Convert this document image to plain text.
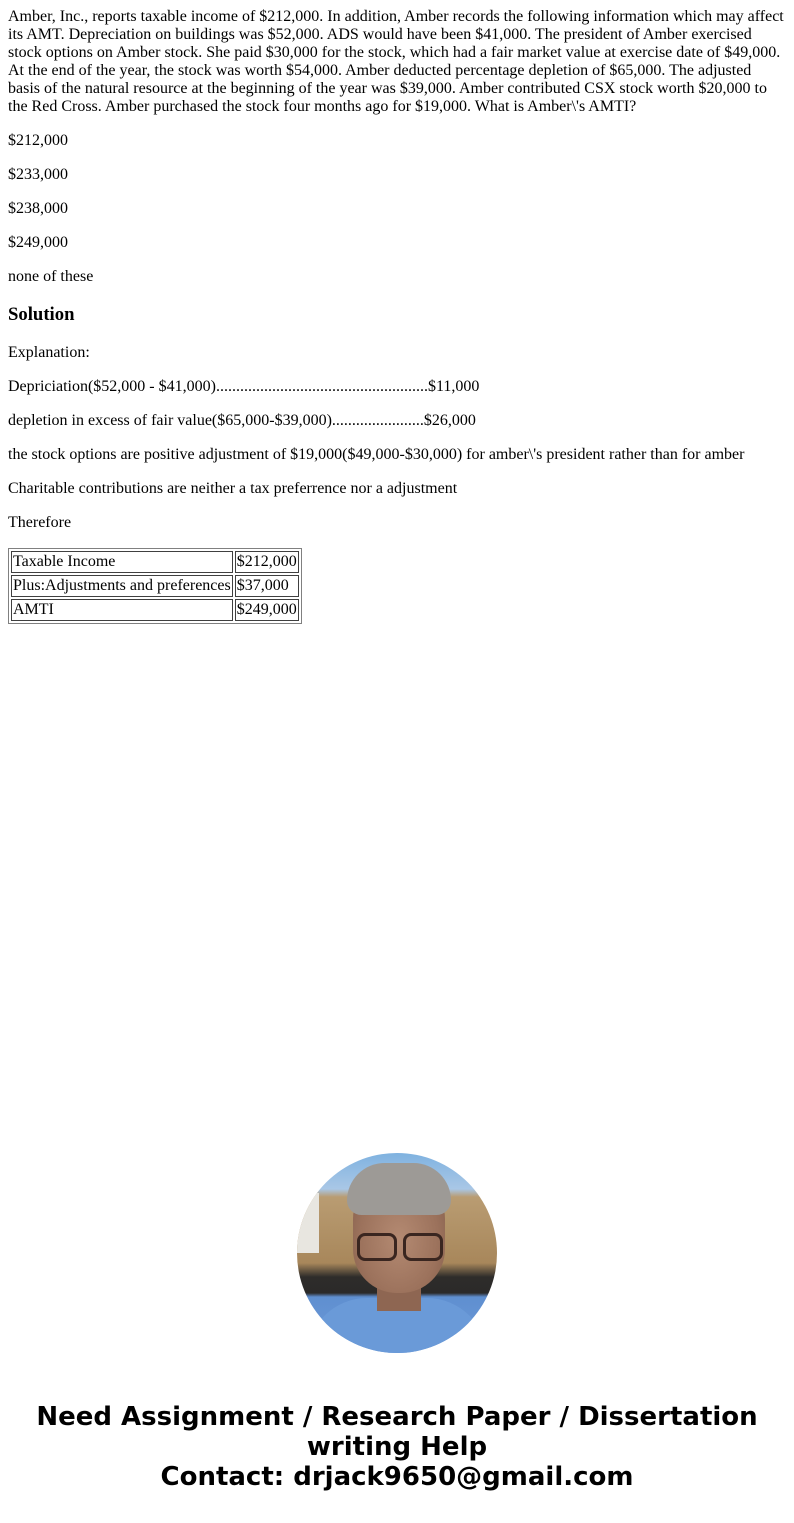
Amber, Inc., reports taxable income of $212,000. In addition, Amber records the following information which may affect its AMT. Depreciation on buildings was $52,000. ADS would have been $41,000. The president of Amber exercised stock options on Amber stock. She paid $30,000 for the stock, which had a fair market value at exercise date of $49,000. At the end of the year, the stock was worth $54,000. Amber deducted percentage depletion of $65,000. The adjusted basis of the natural resource at the beginning of the year was $39,000. Amber contributed CSX stock worth $20,000 to the Red Cross. Amber purchased the stock four months ago for $19,000. What is Amber\'s AMTI?

$212,000

$233,000

$238,000

$249,000

none of these

Solution

Explanation:

Depriciation($52,000 - $41,000).....................................................$11,000

depletion in excess of fair value($65,000-$39,000).......................$26,000

the stock options are positive adjustment of $19,000($49,000-$30,000) for amber\'s president rather than for amber

Charitable contributions are neither a tax preferrence nor a adjustment

Therefore

Taxable Income	$212,000
Plus:Adjustments and preferences	$37,000
AMTI	$249,000
Need Assignment / Research Paper / Dissertation
writing Help
Contact: drjack9650@gmail.com
